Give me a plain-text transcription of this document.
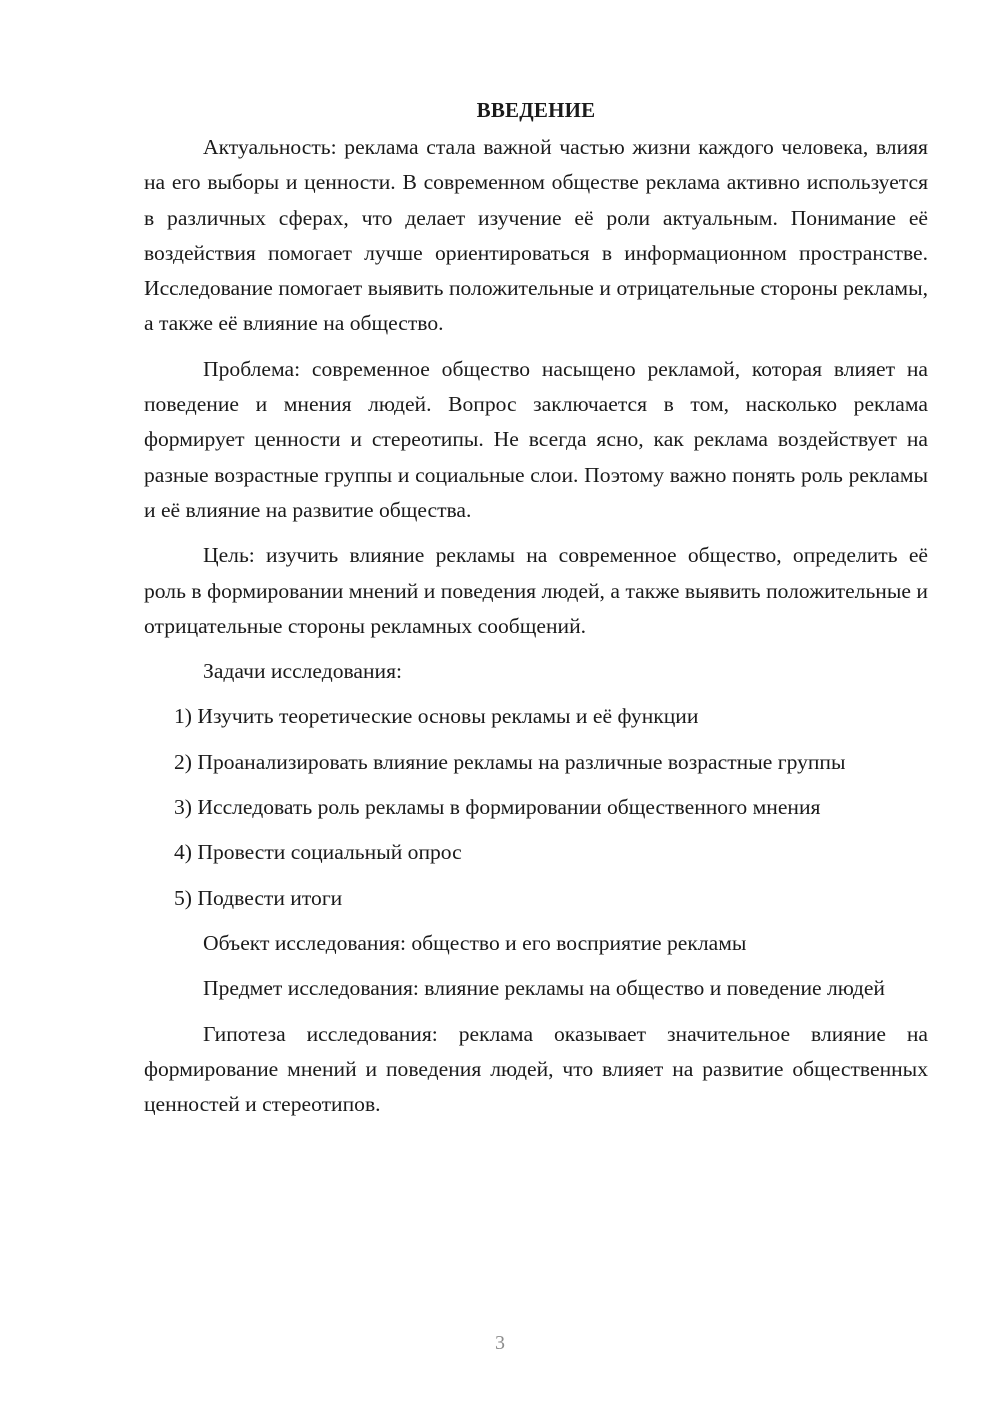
ВВЕДЕНИЕ

Актуальность: реклама стала важной частью жизни каждого человека, влияя на его выборы и ценности. В современном обществе реклама активно используется в различных сферах, что делает изучение её роли актуальным. Понимание её воздействия помогает лучше ориентироваться в информационном пространстве. Исследование помогает выявить положительные и отрицательные стороны рекламы, а также её влияние на общество.

Проблема: современное общество насыщено рекламой, которая влияет на поведение и мнения людей. Вопрос заключается в том, насколько реклама формирует ценности и стереотипы. Не всегда ясно, как реклама воздействует на разные возрастные группы и социальные слои. Поэтому важно понять роль рекламы и её влияние на развитие общества.

Цель: изучить влияние рекламы на современное общество, определить её роль в формировании мнений и поведения людей, а также выявить положительные и отрицательные стороны рекламных сообщений.

Задачи исследования:

1) Изучить теоретические основы рекламы и её функции

2) Проанализировать влияние рекламы на различные возрастные группы

3) Исследовать роль рекламы в формировании общественного мнения

4) Провести социальный опрос

5) Подвести итоги

Объект исследования: общество и его восприятие рекламы

Предмет исследования: влияние рекламы на общество и поведение людей

Гипотеза исследования: реклама оказывает значительное влияние на формирование мнений и поведения людей, что влияет на развитие общественных ценностей и стереотипов.

3
